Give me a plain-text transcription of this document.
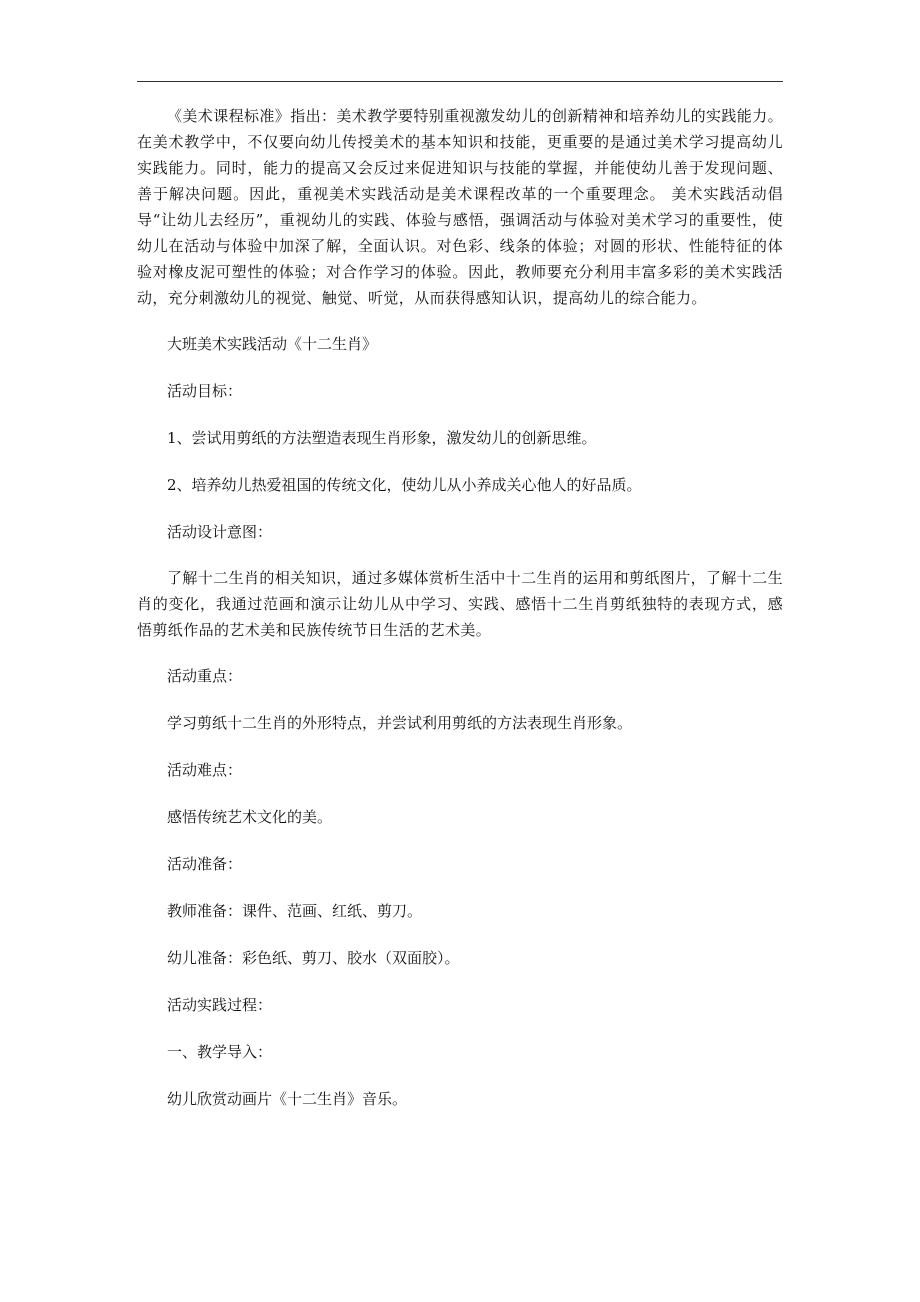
《美术课程标准》指出：美术教学要特别重视激发幼儿的创新精神和培养幼儿的实践能力。在美术教学中，不仅要向幼儿传授美术的基本知识和技能，更重要的是通过美术学习提高幼儿实践能力。同时，能力的提高又会反过来促进知识与技能的掌握，并能使幼儿善于发现问题、善于解决问题。因此，重视美术实践活动是美术课程改革的一个重要理念。 美术实践活动倡导“让幼儿去经历”，重视幼儿的实践、体验与感悟，强调活动与体验对美术学习的重要性，使幼儿在活动与体验中加深了解，全面认识。对色彩、线条的体验；对圆的形状、性能特征的体验对橡皮泥可塑性的体验；对合作学习的体验。因此，教师要充分利用丰富多彩的美术实践活动，充分刺激幼儿的视觉、触觉、听觉，从而获得感知认识，提高幼儿的综合能力。

大班美术实践活动《十二生肖》

活动目标：

1、尝试用剪纸的方法塑造表现生肖形象，激发幼儿的创新思维。

2、培养幼儿热爱祖国的传统文化，使幼儿从小养成关心他人的好品质。

活动设计意图：

了解十二生肖的相关知识，通过多媒体赏析生活中十二生肖的运用和剪纸图片，了解十二生肖的变化，我通过范画和演示让幼儿从中学习、实践、感悟十二生肖剪纸独特的表现方式，感悟剪纸作品的艺术美和民族传统节日生活的艺术美。

活动重点：

学习剪纸十二生肖的外形特点，并尝试利用剪纸的方法表现生肖形象。

活动难点：

感悟传统艺术文化的美。

活动准备：

教师准备：课件、范画、红纸、剪刀。

幼儿准备：彩色纸、剪刀、胶水（双面胶）。

活动实践过程：

一、教学导入：

幼儿欣赏动画片《十二生肖》音乐。
